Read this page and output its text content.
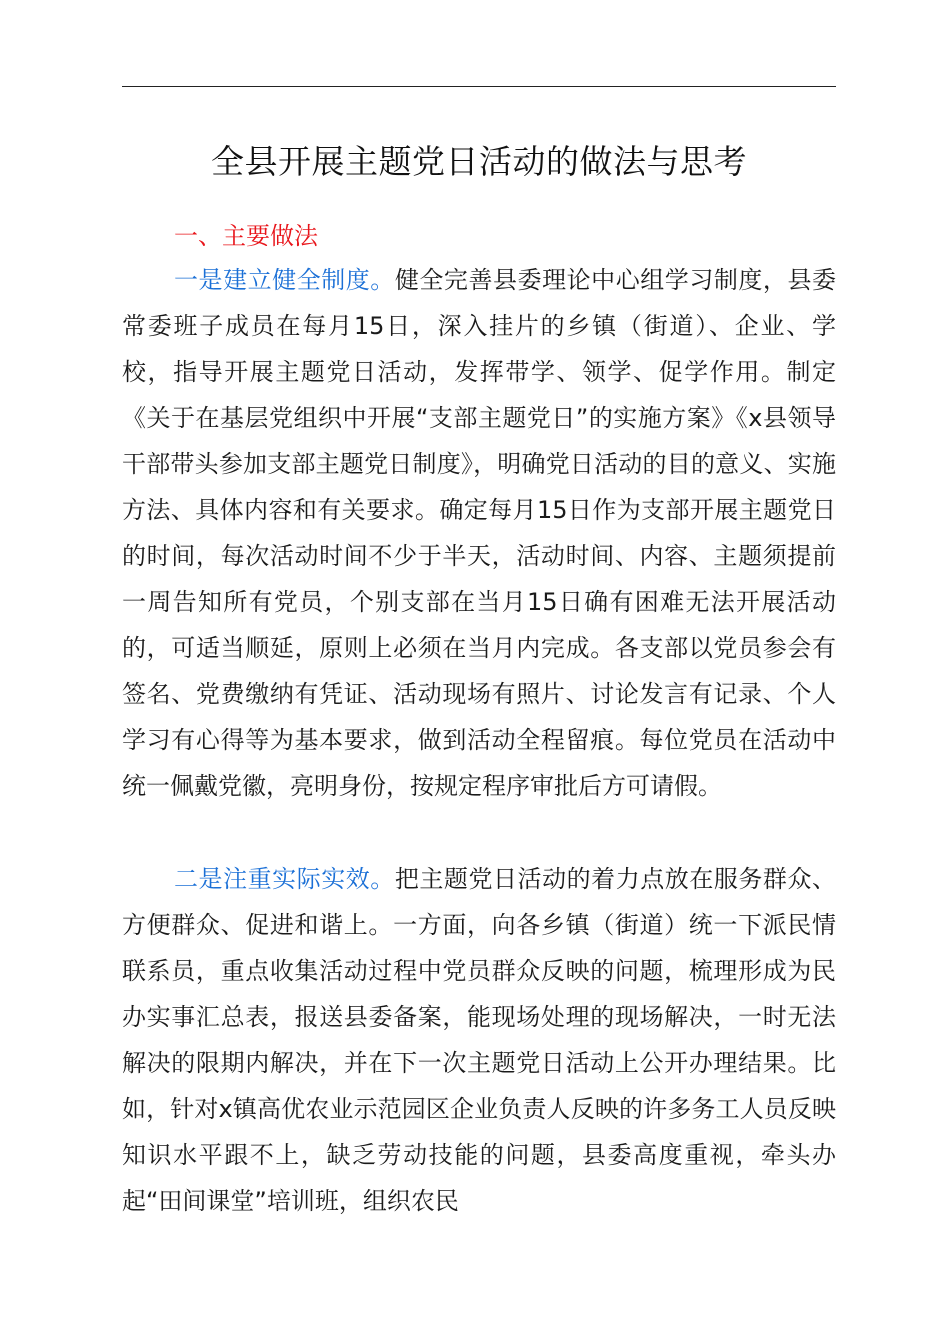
全县开展主题党日活动的做法与思考
一、主要做法

一是建立健全制度。健全完善县委理论中心组学习制度，县委常委班子成员在每月15日，深入挂片的乡镇（街道）、企业、学校，指导开展主题党日活动，发挥带学、领学、促学作用。制定《关于在基层党组织中开展“支部主题党日”的实施方案》《x县领导干部带头参加支部主题党日制度》，明确党日活动的目的意义、实施方法、具体内容和有关要求。确定每月15日作为支部开展主题党日的时间，每次活动时间不少于半天，活动时间、内容、主题须提前一周告知所有党员，个别支部在当月15日确有困难无法开展活动的，可适当顺延，原则上必须在当月内完成。各支部以党员参会有签名、党费缴纳有凭证、活动现场有照片、讨论发言有记录、个人学习有心得等为基本要求，做到活动全程留痕。每位党员在活动中统一佩戴党徽，亮明身份，按规定程序审批后方可请假。

二是注重实际实效。把主题党日活动的着力点放在服务群众、方便群众、促进和谐上。一方面，向各乡镇（街道）统一下派民情联系员，重点收集活动过程中党员群众反映的问题，梳理形成为民办实事汇总表，报送县委备案，能现场处理的现场解决，一时无法解决的限期内解决，并在下一次主题党日活动上公开办理结果。比如，针对x镇高优农业示范园区企业负责人反映的许多务工人员反映知识水平跟不上，缺乏劳动技能的问题，县委高度重视，牵头办起“田间课堂”培训班，组织农民
